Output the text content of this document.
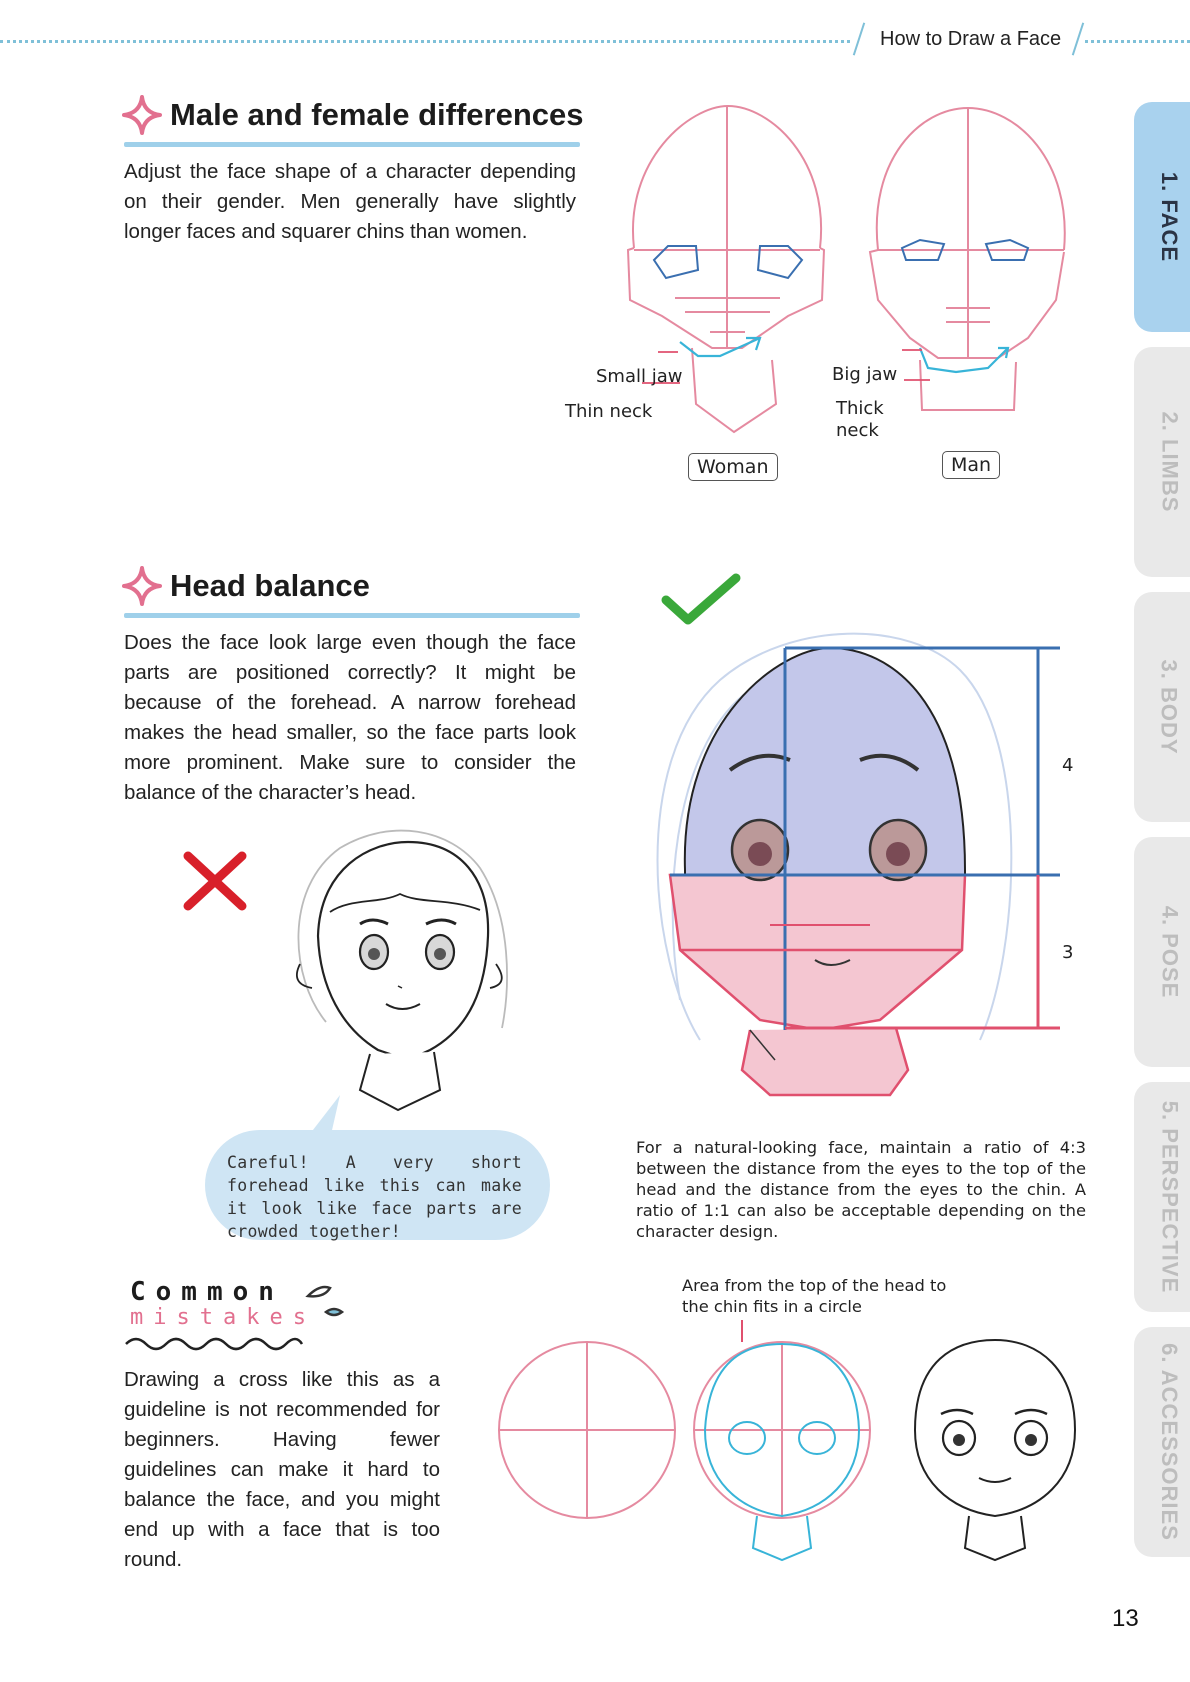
How to Draw a Face
1. FACE
2. LIMBS
3. BODY
4. POSE
5. PERSPECTIVE
6. ACCESSORIES
Male and female differences
Adjust the face shape of a character depending on their gender. Men generally have slightly longer faces and squarer chins than women.
Small jaw
Thin neck
Big jaw
Thick
neck
Woman	Man
Head balance
Does the face look large even though the face parts are positioned correctly? It might be because of the forehead. A narrow forehead makes the head smaller, so the face parts look more prominent. Make sure to consider the balance of the character’s head.
Careful! A very short forehead like this can make it look like face parts are crowded together!
4
3
For a natural-looking face, maintain a ratio of 4:3 between the distance from the eyes to the top of the head and the distance from the eyes to the chin. A ratio of 1:1 can also be acceptable depending on the character design.
Common
mistakes
Drawing a cross like this as a guideline is not recommended for beginners. Having fewer guidelines can make it hard to balance the face, and you might end up with a face that is too round.
Area from the top of the head to the chin fits in a circle
13
